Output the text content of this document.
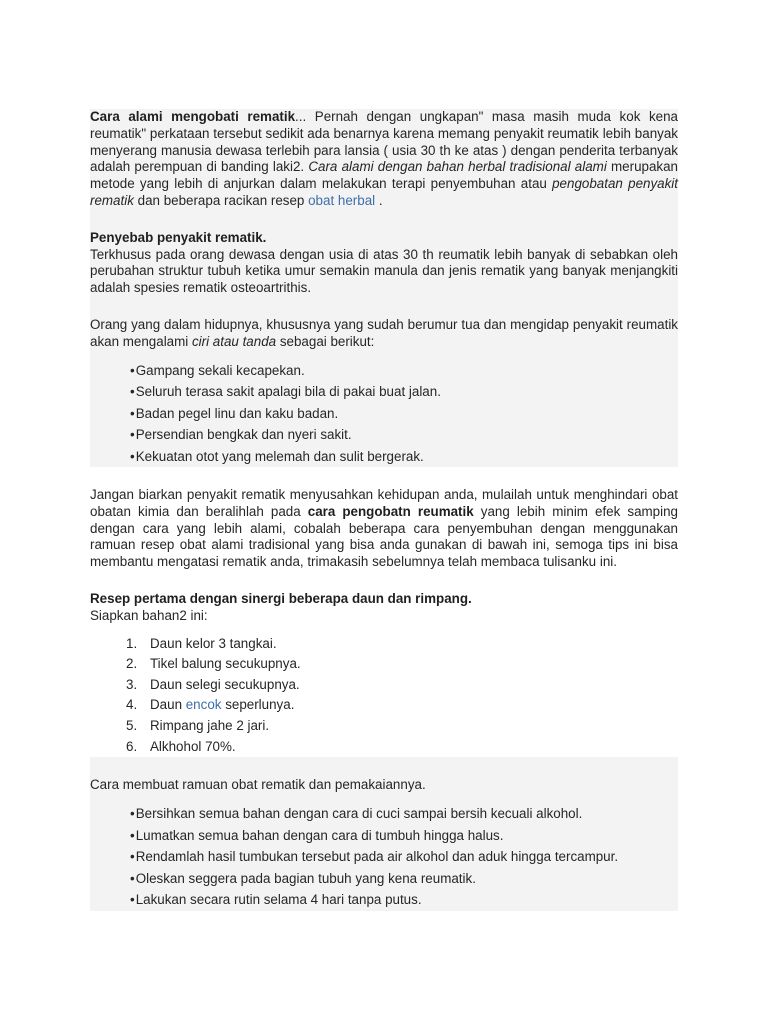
Cara alami mengobati rematik... Pernah dengan ungkapan" masa masih muda kok kena reumatik" perkataan tersebut sedikit ada benarnya karena memang penyakit reumatik lebih banyak menyerang manusia dewasa terlebih para lansia ( usia 30 th ke atas ) dengan penderita terbanyak adalah perempuan di banding laki2. Cara alami dengan bahan herbal tradisional alami merupakan metode yang lebih di anjurkan dalam melakukan terapi penyembuhan atau pengobatan penyakit rematik dan beberapa racikan resep obat herbal .

Penyebab penyakit rematik.

Terkhusus pada orang dewasa dengan usia di atas 30 th reumatik lebih banyak di sebabkan oleh perubahan struktur tubuh ketika umur semakin manula dan jenis rematik yang banyak menjangkiti adalah spesies rematik osteoartrithis.

Orang yang dalam hidupnya, khususnya yang sudah berumur tua dan mengidap penyakit reumatik akan mengalami ciri atau tanda sebagai berikut:

• Gampang sekali kecapekan.
• Seluruh terasa sakit apalagi bila di pakai buat jalan.
• Badan pegel linu dan kaku badan.
• Persendian bengkak dan nyeri sakit.
• Kekuatan otot yang melemah dan sulit bergerak.

Jangan biarkan penyakit rematik menyusahkan kehidupan anda, mulailah untuk menghindari obat obatan kimia dan beralihlah pada cara pengobatn reumatik yang lebih minim efek samping dengan cara yang lebih alami, cobalah beberapa cara penyembuhan dengan menggunakan ramuan resep obat alami tradisional yang bisa anda gunakan di bawah ini, semoga tips ini bisa membantu mengatasi rematik anda, trimakasih sebelumnya telah membaca tulisanku ini.

Resep pertama dengan sinergi beberapa daun dan rimpang.

Siapkan bahan2 ini:

1. Daun kelor 3 tangkai.
2. Tikel balung secukupnya.
3. Daun selegi secukupnya.
4. Daun encok seperlunya.
5. Rimpang jahe 2 jari.
6. Alkhohol 70%.

Cara membuat ramuan obat rematik dan pemakaiannya.

• Bersihkan semua bahan dengan cara di cuci sampai bersih kecuali alkohol.
• Lumatkan semua bahan dengan cara di tumbuh hingga halus.
• Rendamlah hasil tumbukan tersebut pada air alkohol dan aduk hingga tercampur.
• Oleskan seggera pada bagian tubuh yang kena reumatik.
• Lakukan secara rutin selama 4 hari tanpa putus.
